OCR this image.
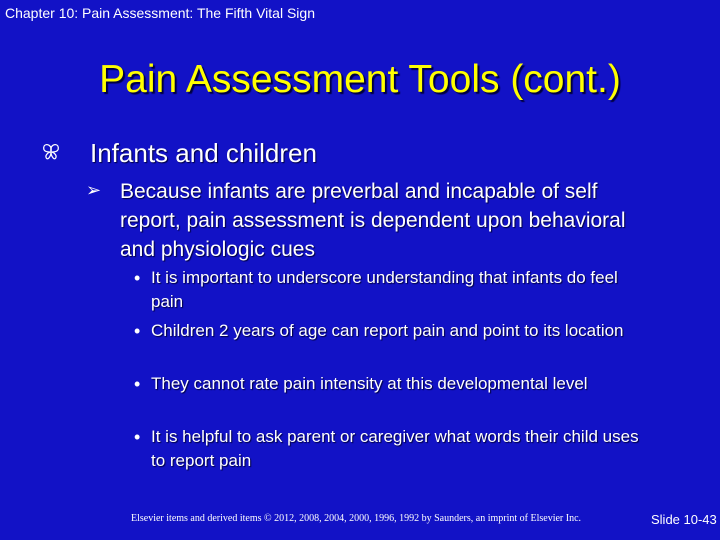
Chapter 10: Pain Assessment: The Fifth Vital Sign
Pain Assessment Tools (cont.)
Infants and children
➢ Because infants are preverbal and incapable of self report, pain assessment is dependent upon behavioral and physiologic cues
• It is important to underscore understanding that infants do feel pain
• Children 2 years of age can report pain and point to its location
• They cannot rate pain intensity at this developmental level
• It is helpful to ask parent or caregiver what words their child uses to report pain
Elsevier items and derived items © 2012, 2008, 2004, 2000, 1996, 1992 by Saunders, an imprint of Elsevier Inc.	Slide 10-43
